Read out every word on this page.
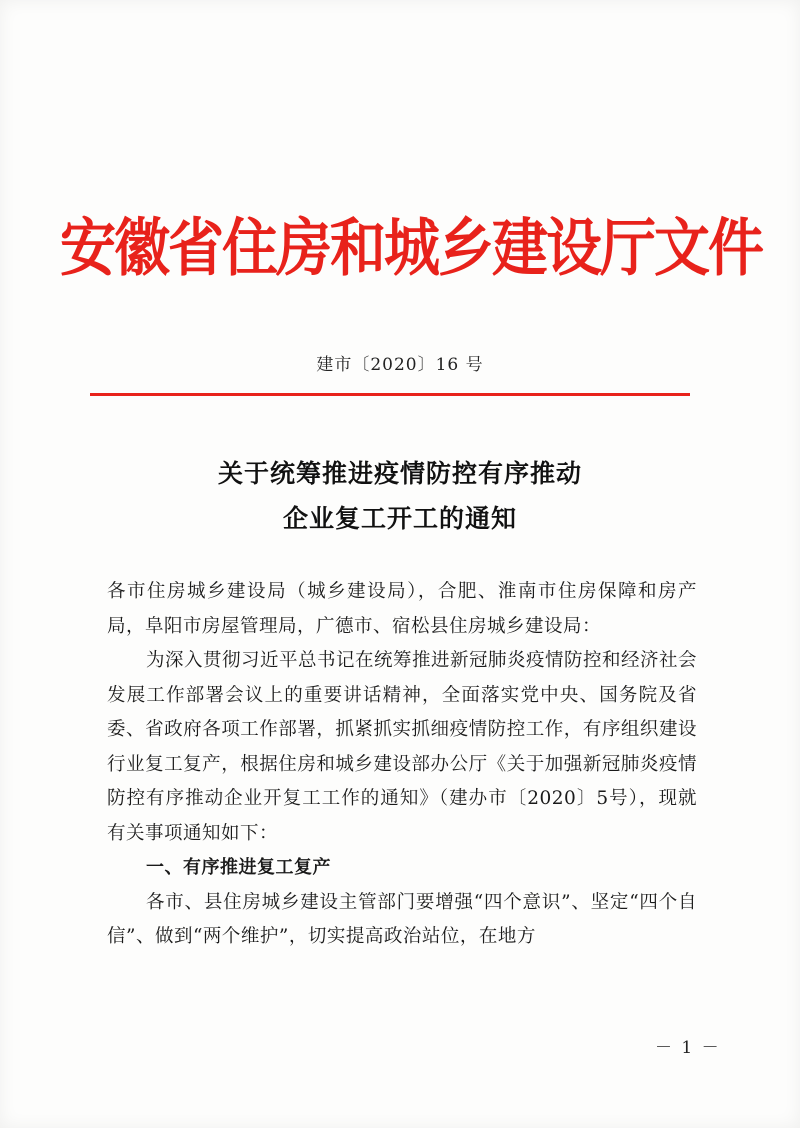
安徽省住房和城乡建设厅文件
建市〔2020〕16 号
关于统筹推进疫情防控有序推动
企业复工开工的通知

各市住房城乡建设局（城乡建设局），合肥、淮南市住房保障和房产局，阜阳市房屋管理局，广德市、宿松县住房城乡建设局：

为深入贯彻习近平总书记在统筹推进新冠肺炎疫情防控和经济社会发展工作部署会议上的重要讲话精神，全面落实党中央、国务院及省委、省政府各项工作部署，抓紧抓实抓细疫情防控工作，有序组织建设行业复工复产，根据住房和城乡建设部办公厅《关于加强新冠肺炎疫情防控有序推动企业开复工工作的通知》（建办市〔2020〕5号），现就有关事项通知如下：

一、有序推进复工复产

各市、县住房城乡建设主管部门要增强“四个意识”、坚定“四个自信”、做到“两个维护”，切实提高政治站位，在地方

－ 1 －
